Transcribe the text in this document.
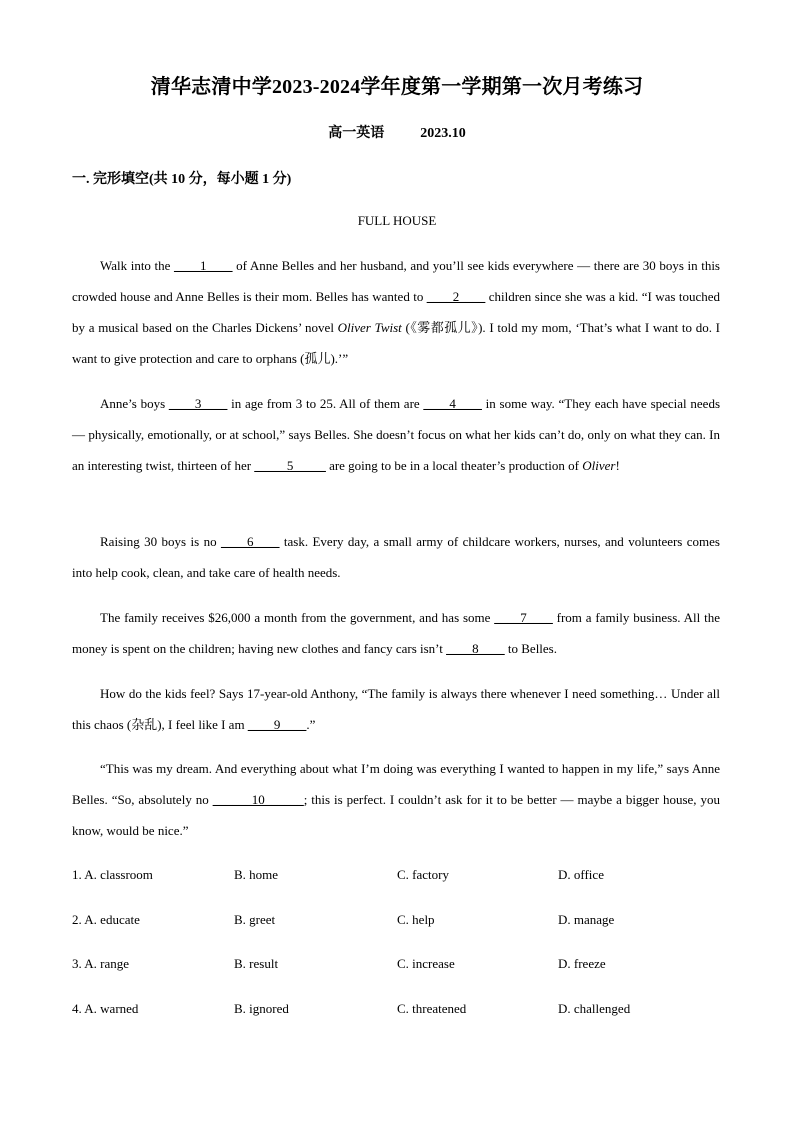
清华志清中学2023-2024学年度第一学期第一次月考练习
高一英语	2023.10
一. 完形填空(共 10 分，每小题 1 分)
FULL HOUSE
Walk into the ____1____ of Anne Belles and her husband, and you’ll see kids everywhere — there are 30 boys in this crowded house and Anne Belles is their mom. Belles has wanted to ____2____ children since she was a kid. “I was touched by a musical based on the Charles Dickens’ novel Oliver Twist (《雾都孤儿》). I told my mom, ‘That’s what I want to do. I want to give protection and care to orphans (孤儿).’”
Anne’s boys ____3____ in age from 3 to 25. All of them are ____4____ in some way. “They each have special needs — physically, emotionally, or at school,” says Belles. She doesn’t focus on what her kids can’t do, only on what they can. In an interesting twist, thirteen of her _____5_____ are going to be in a local theater’s production of Oliver!
Raising 30 boys is no ____6____ task. Every day, a small army of childcare workers, nurses, and volunteers comes into help cook, clean, and take care of health needs.
The family receives $26,000 a month from the government, and has some ____7____ from a family business. All the money is spent on the children; having new clothes and fancy cars isn’t ____8____ to Belles.
How do the kids feel? Says 17-year-old Anthony, “The family is always there whenever I need something… Under all this chaos (杂乱), I feel like I am ____9____.”
“This was my dream. And everything about what I’m doing was everything I wanted to happen in my life,” says Anne Belles. “So, absolutely no ______10______; this is perfect. I couldn’t ask for it to be better — maybe a bigger house, you know, would be nice.”
1. A. classroom	B. home	C. factory	D. office
2. A. educate	B. greet	C. help	D. manage
3. A. range	B. result	C. increase	D. freeze
4. A. warned	B. ignored	C. threatened	D. challenged
